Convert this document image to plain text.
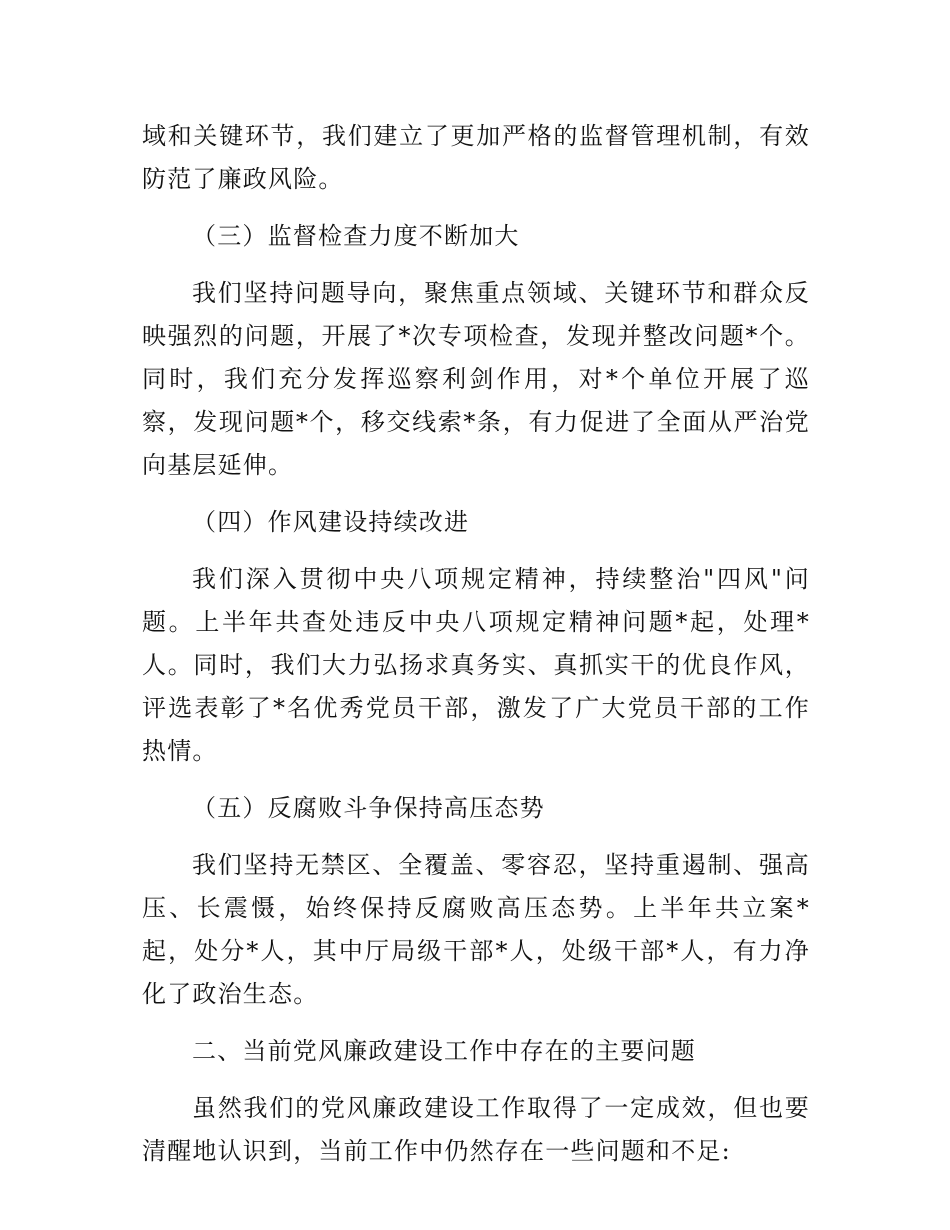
域和关键环节，我们建立了更加严格的监督管理机制，有效防范了廉政风险。

（三）监督检查力度不断加大

我们坚持问题导向，聚焦重点领域、关键环节和群众反映强烈的问题，开展了*次专项检查，发现并整改问题*个。同时，我们充分发挥巡察利剑作用，对*个单位开展了巡察，发现问题*个，移交线索*条，有力促进了全面从严治党向基层延伸。

（四）作风建设持续改进

我们深入贯彻中央八项规定精神，持续整治"四风"问题。上半年共查处违反中央八项规定精神问题*起，处理*人。同时，我们大力弘扬求真务实、真抓实干的优良作风，评选表彰了*名优秀党员干部，激发了广大党员干部的工作热情。

（五）反腐败斗争保持高压态势

我们坚持无禁区、全覆盖、零容忍，坚持重遏制、强高压、长震慑，始终保持反腐败高压态势。上半年共立案*起，处分*人，其中厅局级干部*人，处级干部*人，有力净化了政治生态。

二、当前党风廉政建设工作中存在的主要问题

虽然我们的党风廉政建设工作取得了一定成效，但也要清醒地认识到，当前工作中仍然存在一些问题和不足:
